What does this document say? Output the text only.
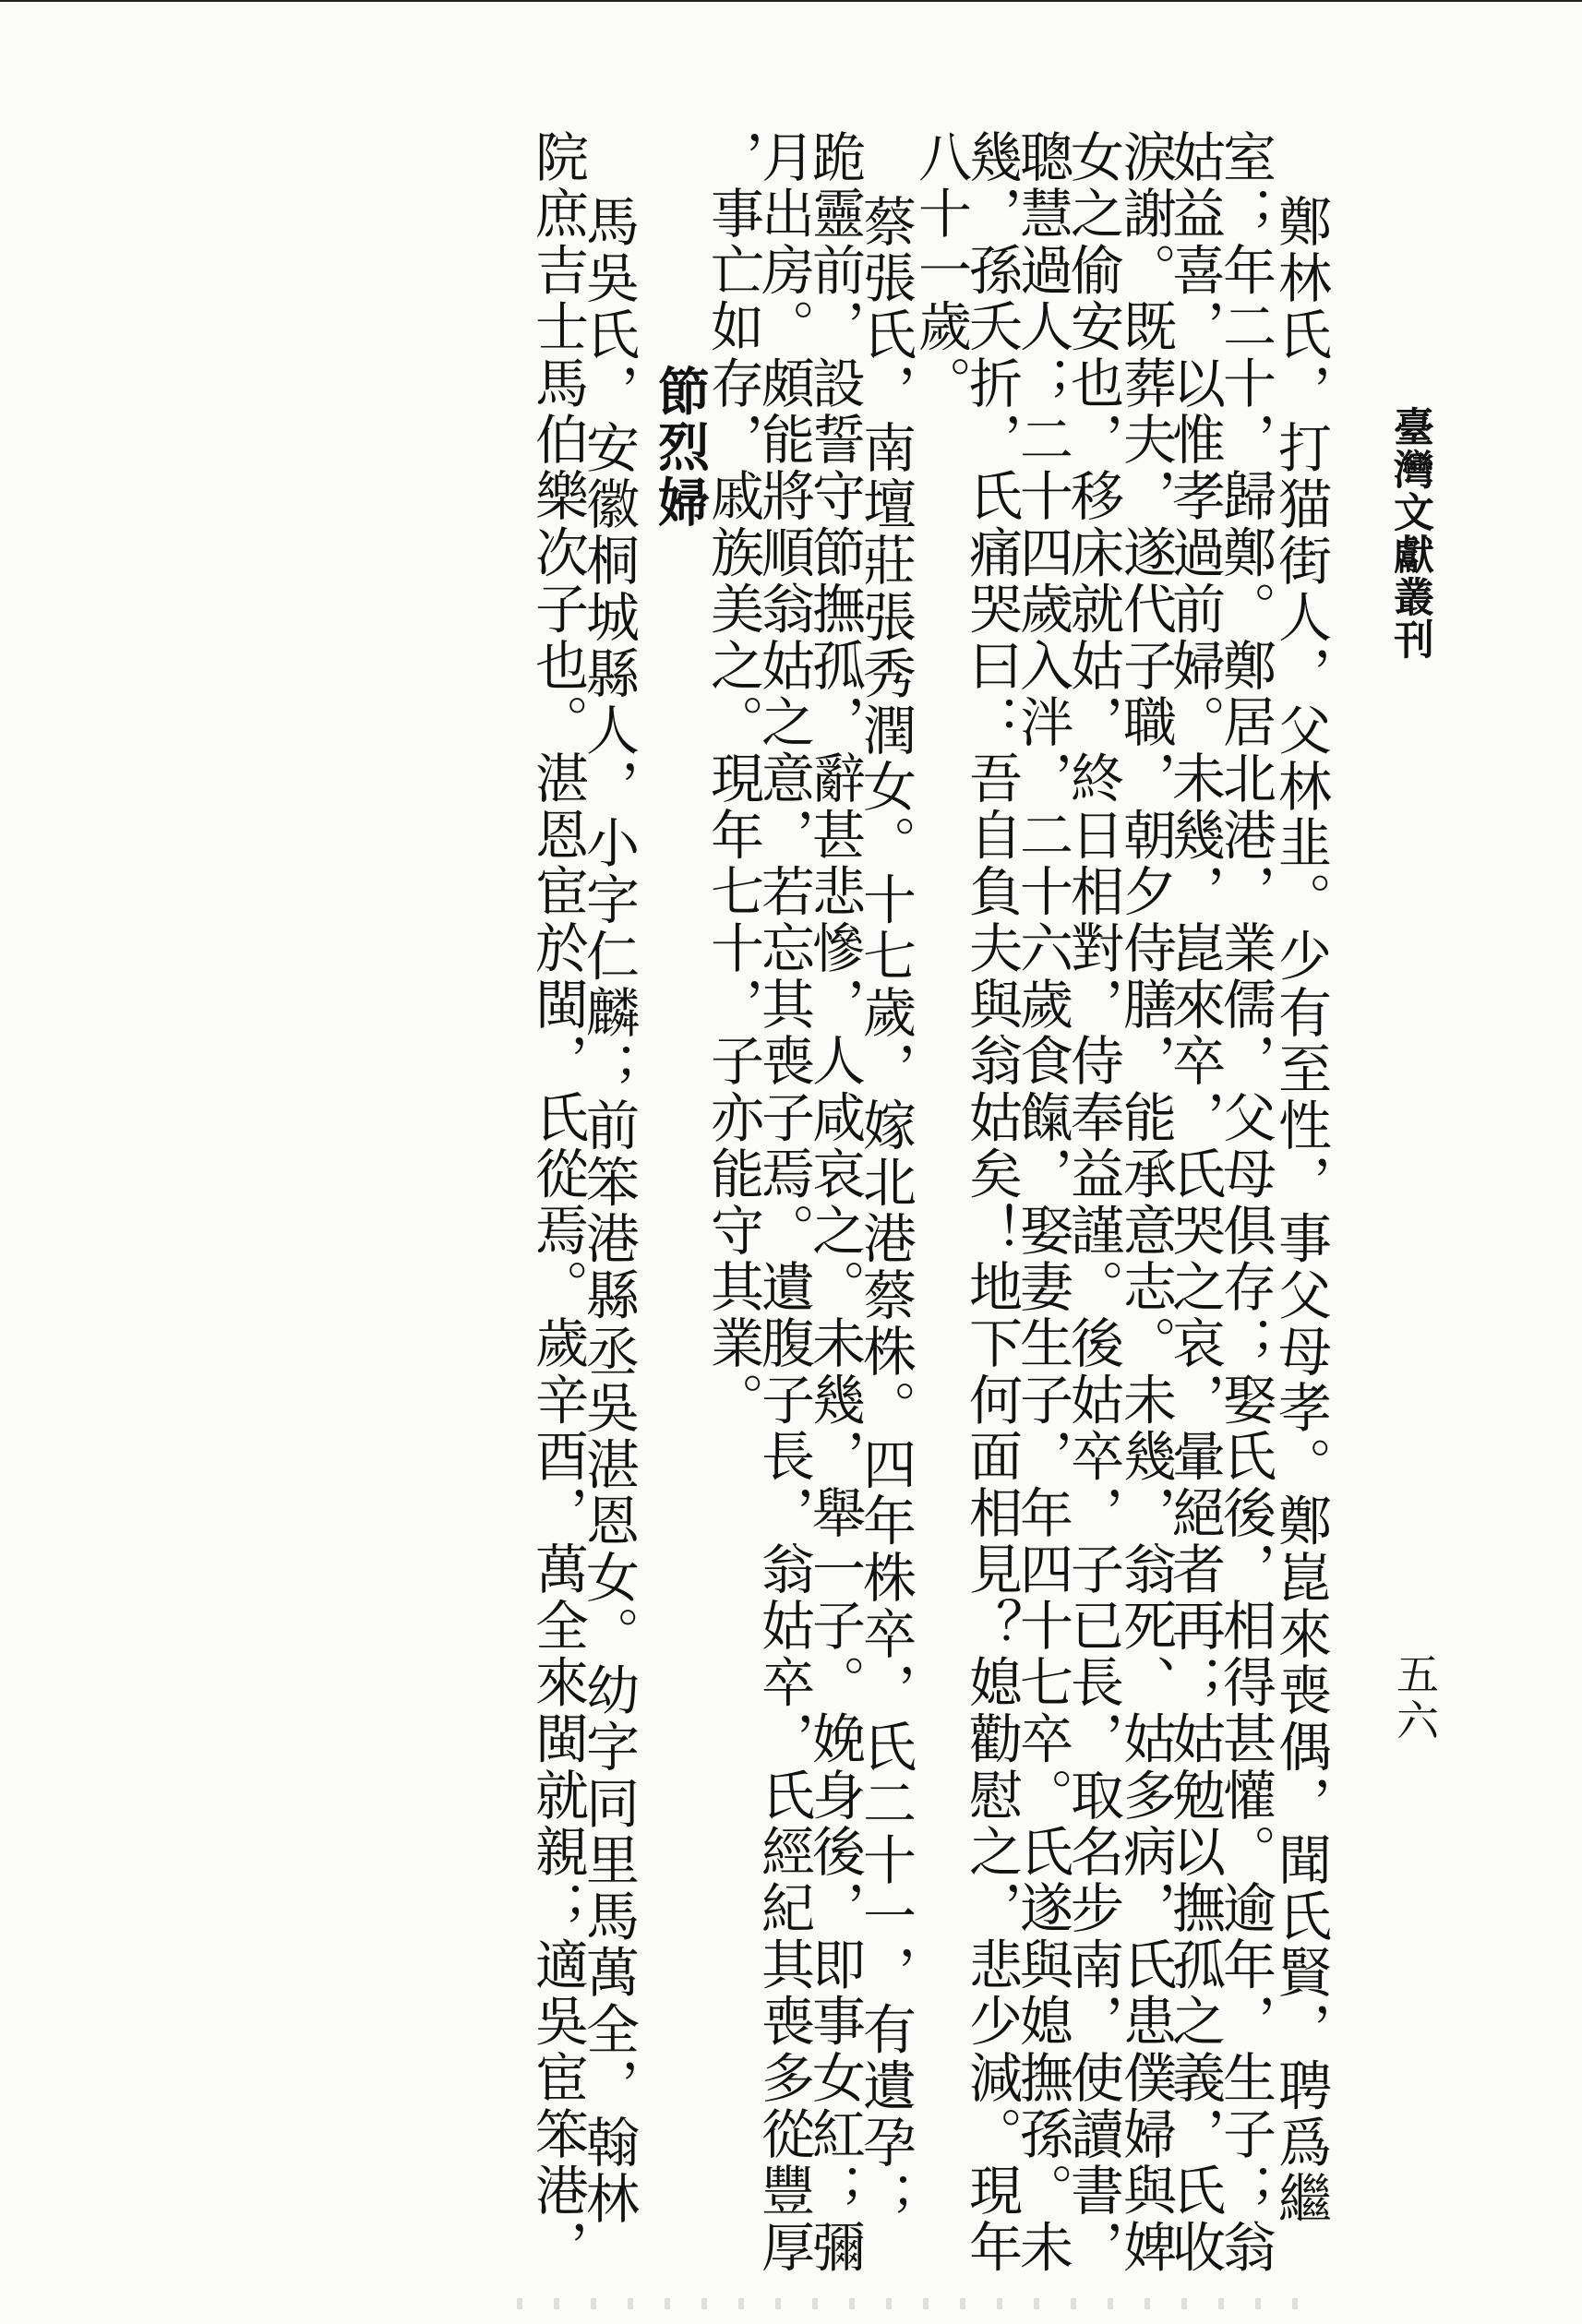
臺灣文獻叢刊
五六

鄭林氏，打猫街人，父林韭。少有至性，事父母孝。鄭崑來喪偶，聞氏賢，聘爲繼

室；年二十，歸鄭。鄭居北港，業儒，父母俱存；娶氏後，相得甚懽。逾年，生子；翁

姑益喜，以惟孝過前婦。未幾，崑來卒，氏哭之哀，暈絕者再；姑勉以撫孤之義，氏收

淚謝。既葬夫，遂代子職，朝夕侍膳，能承意志。未幾，翁死、姑多病，氏患僕婦與婢

女之偷安也，移床就姑，終日相對，侍奉益謹。後姑卒，子已長，取名步南，使讀書，

聰慧過人；二十四歲入泮，二十六歲食餼，娶妻生子，年四十七卒。氏遂與媳撫孫。未

幾，孫夭折，氏痛哭曰：吾自負夫與翁姑矣！地下何面相見？媳勸慰之，悲少減。現年

八十一歲。

蔡張氏，南壇莊張秀潤女。十七歲，嫁北港蔡株。四年株卒，氏二十一，有遺孕；

跪靈前，設誓守節撫孤，辭甚悲慘，人咸哀之。未幾，舉一子。娩身後，即事女紅；彌

月出房。頗能將順翁姑之意，若忘其喪子焉。遺腹子長，翁姑卒，氏經紀其喪多從豐厚

，事亡如存，戚族美之。現年七十，子亦能守其業。

節烈婦

馬吳氏，安徽桐城縣人，小字仁麟；前笨港縣丞吳湛恩女。幼字同里馬萬全，翰林

院庶吉士馬伯樂次子也。湛恩宦於閩，氏從焉。歲辛酉，萬全來閩就親；適吳宦笨港，
